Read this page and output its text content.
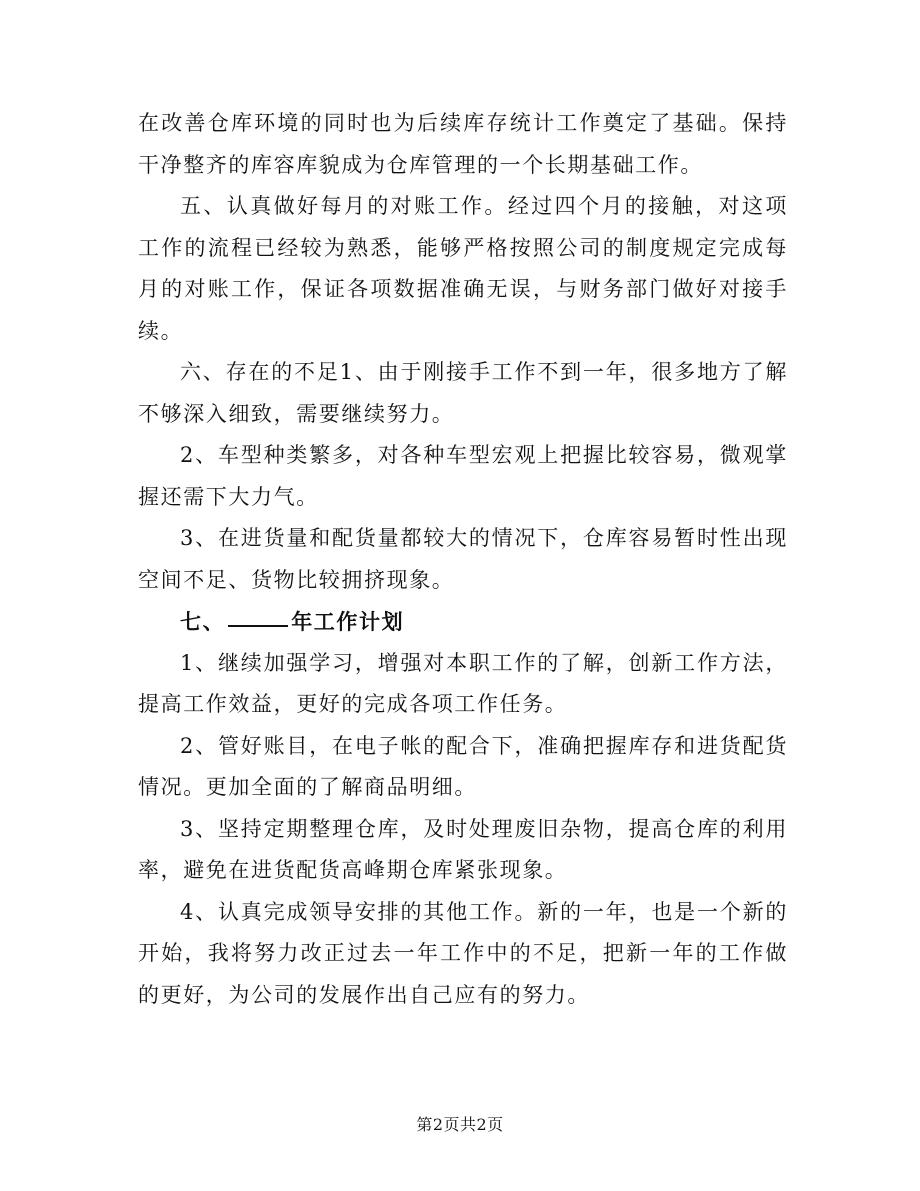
在改善仓库环境的同时也为后续库存统计工作奠定了基础。保持干净整齐的库容库貌成为仓库管理的一个长期基础工作。

五、认真做好每月的对账工作。经过四个月的接触，对这项工作的流程已经较为熟悉，能够严格按照公司的制度规定完成每月的对账工作，保证各项数据准确无误，与财务部门做好对接手续。

六、存在的不足1、由于刚接手工作不到一年，很多地方了解不够深入细致，需要继续努力。

2、车型种类繁多，对各种车型宏观上把握比较容易，微观掌握还需下大力气。

3、在进货量和配货量都较大的情况下，仓库容易暂时性出现空间不足、货物比较拥挤现象。

七、	年工作计划

1、继续加强学习，增强对本职工作的了解，创新工作方法，提高工作效益，更好的完成各项工作任务。

2、管好账目，在电子帐的配合下，准确把握库存和进货配货情况。更加全面的了解商品明细。

3、坚持定期整理仓库，及时处理废旧杂物，提高仓库的利用率，避免在进货配货高峰期仓库紧张现象。

4、认真完成领导安排的其他工作。新的一年，也是一个新的开始，我将努力改正过去一年工作中的不足，把新一年的工作做的更好，为公司的发展作出自己应有的努力。

第2页共2页
